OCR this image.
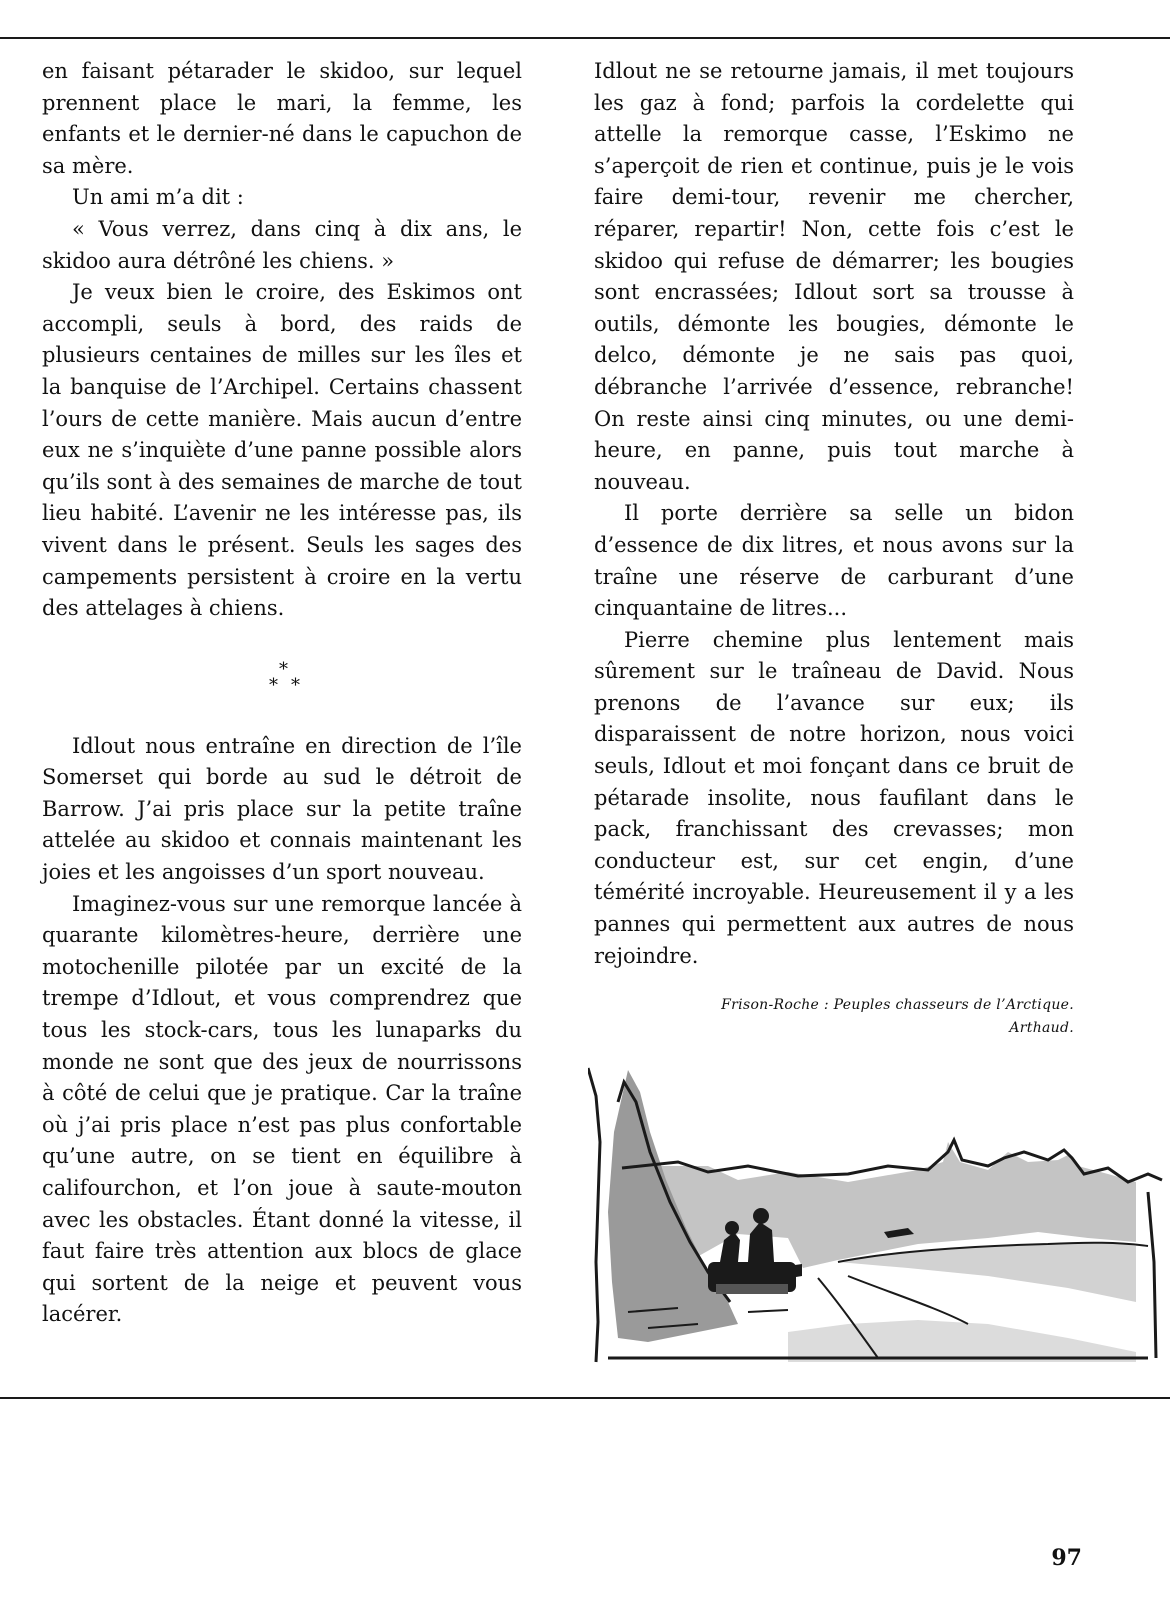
en faisant pétarader le skidoo, sur lequel prennent place le mari, la femme, les enfants et le dernier-né dans le capuchon de sa mère.

Un ami m’a dit :

« Vous verrez, dans cinq à dix ans, le skidoo aura détrôné les chiens. »

Je veux bien le croire, des Eskimos ont accompli, seuls à bord, des raids de plusieurs centaines de milles sur les îles et la banquise de l’Archipel. Certains chassent l’ours de cette manière. Mais aucun d’entre eux ne s’inquiète d’une panne possible alors qu’ils sont à des semaines de marche de tout lieu habité. L’avenir ne les intéresse pas, ils vivent dans le présent. Seuls les sages des campements persistent à croire en la vertu des attelages à chiens.

*
* *

Idlout nous entraîne en direction de l’île Somerset qui borde au sud le détroit de Barrow. J’ai pris place sur la petite traîne attelée au skidoo et connais maintenant les joies et les angoisses d’un sport nouveau.

Imaginez-vous sur une remorque lancée à quarante kilomètres-heure, derrière une motochenille pilotée par un excité de la trempe d’Idlout, et vous comprendrez que tous les stock-cars, tous les lunaparks du monde ne sont que des jeux de nourrissons à côté de celui que je pratique. Car la traîne où j’ai pris place n’est pas plus confortable qu’une autre, on se tient en équilibre à califourchon, et l’on joue à saute-mouton avec les obstacles. Étant donné la vitesse, il faut faire très attention aux blocs de glace qui sortent de la neige et peuvent vous lacérer.

Idlout ne se retourne jamais, il met toujours les gaz à fond; parfois la cordelette qui attelle la remorque casse, l’Eskimo ne s’aperçoit de rien et continue, puis je le vois faire demi-tour, revenir me chercher, réparer, repartir! Non, cette fois c’est le skidoo qui refuse de démarrer; les bougies sont encrassées; Idlout sort sa trousse à outils, démonte les bougies, démonte le delco, démonte je ne sais pas quoi, débranche l’arrivée d’essence, rebranche! On reste ainsi cinq minutes, ou une demi-heure, en panne, puis tout marche à nouveau.

Il porte derrière sa selle un bidon d’essence de dix litres, et nous avons sur la traîne une réserve de carburant d’une cinquantaine de litres...

Pierre chemine plus lentement mais sûrement sur le traîneau de David. Nous prenons de l’avance sur eux; ils disparaissent de notre horizon, nous voici seuls, Idlout et moi fonçant dans ce bruit de pétarade insolite, nous faufilant dans le pack, franchissant des crevasses; mon conducteur est, sur cet engin, d’une témérité incroyable. Heureusement il y a les pannes qui permettent aux autres de nous rejoindre.

Frison-Roche : Peuples chasseurs de l’Arctique.
Arthaud.
97
